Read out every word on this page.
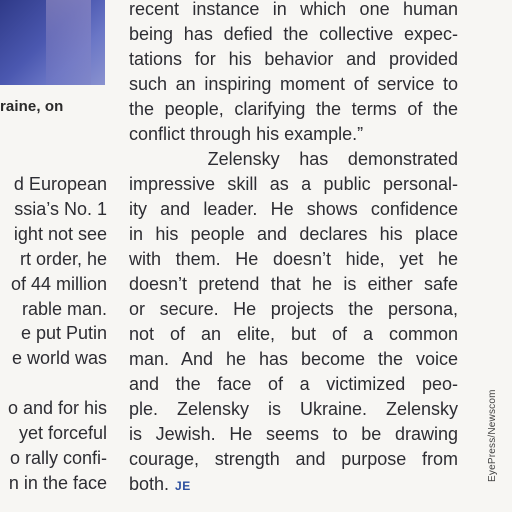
raine, on
d European
ssia’s No. 1
ight not see
rt order, he
of 44 million
rable man.
e put Putin
e world was
o and for his
yet forceful
o rally confi-
n in the face
recent instance in which one human
being has defied the collective expec-
tations for his behavior and provided
such an inspiring moment of service to
the people, clarifying the terms of the
conflict through his example.”
Zelensky has demonstrated
impressive skill as a public personal-
ity and leader. He shows confidence
in his people and declares his place
with them. He doesn’t hide, yet he
doesn’t pretend that he is either safe
or secure. He projects the persona,
not of an elite, but of a common
man. And he has become the voice
and the face of a victimized peo-
ple. Zelensky is Ukraine. Zelensky
is Jewish. He seems to be drawing
courage, strength and purpose from
both. JE
EyePress/Newscom
